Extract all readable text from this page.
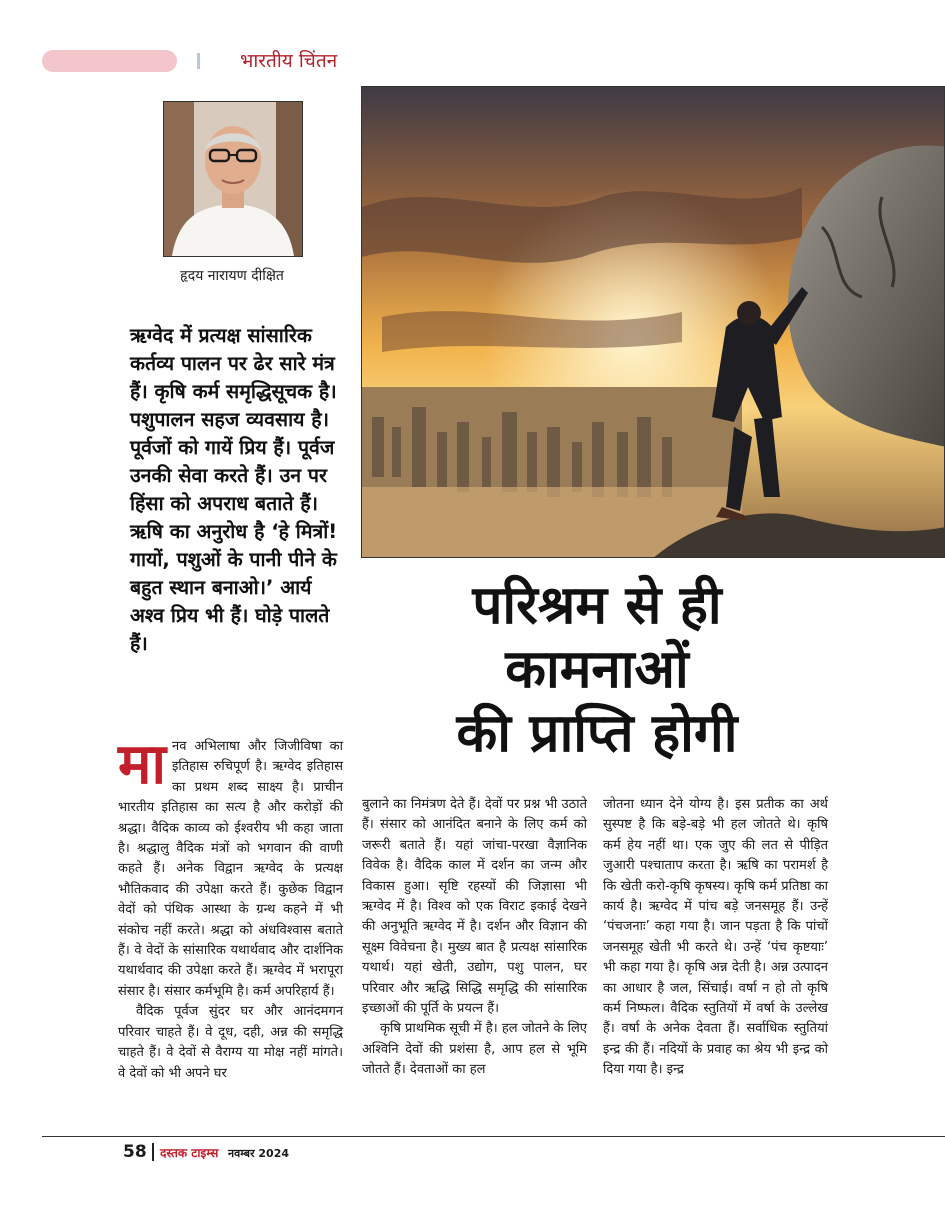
भारतीय चिंतन
हृदय नारायण दीक्षित

ऋग्वेद में प्रत्यक्ष सांसारिक कर्तव्य पालन पर ढेर सारे मंत्र हैं। कृषि कर्म समृद्धिसूचक है। पशुपालन सहज व्यवसाय है। पूर्वजों को गायें प्रिय हैं। पूर्वज उनकी सेवा करते हैं। उन पर हिंसा को अपराध बताते हैं। ऋषि का अनुरोध है ‘हे मित्रों! गायों, पशुओं के पानी पीने के बहुत स्थान बनाओ।’ आर्य अश्व प्रिय भी हैं। घोड़े पालते हैं।

परिश्रम से ही
कामनाओं
की प्राप्ति होगी

मानव अभिलाषा और जिजीविषा का इतिहास रुचिपूर्ण है। ऋग्वेद इतिहास का प्रथम शब्द साक्ष्य है। प्राचीन भारतीय इतिहास का सत्य है और करोड़ों की श्रद्धा। वैदिक काव्य को ईश्वरीय भी कहा जाता है। श्रद्धालु वैदिक मंत्रों को भगवान की वाणी कहते हैं। अनेक विद्वान ऋग्वेद के प्रत्यक्ष भौतिकवाद की उपेक्षा करते हैं। कुछेक विद्वान वेदों को पंथिक आस्था के ग्रन्थ कहने में भी संकोच नहीं करते। श्रद्धा को अंधविश्वास बताते हैं। वे वेदों के सांसारिक यथार्थवाद और दार्शनिक यथार्थवाद की उपेक्षा करते हैं। ऋग्वेद में भरापूरा संसार है। संसार कर्मभूमि है। कर्म अपरिहार्य हैं।

वैदिक पूर्वज सुंदर घर और आनंदमगन परिवार चाहते हैं। वे दूध, दही, अन्न की समृद्धि चाहते हैं। वे देवों से वैराग्य या मोक्ष नहीं मांगते। वे देवों को भी अपने घर

बुलाने का निमंत्रण देते हैं। देवों पर प्रश्न भी उठाते हैं। संसार को आनंदित बनाने के लिए कर्म को जरूरी बताते हैं। यहां जांचा-परखा वैज्ञानिक विवेक है। वैदिक काल में दर्शन का जन्म और विकास हुआ। सृष्टि रहस्यों की जिज्ञासा भी ऋग्वेद में है। विश्व को एक विराट इकाई देखने की अनुभूति ऋग्वेद में है। दर्शन और विज्ञान की सूक्ष्म विवेचना है। मुख्य बात है प्रत्यक्ष सांसारिक यथार्थ। यहां खेती, उद्योग, पशु पालन, घर परिवार और ऋद्धि सिद्धि समृद्धि की सांसारिक इच्छाओं की पूर्ति के प्रयत्न हैं।

कृषि प्राथमिक सूची में है। हल जोतने के लिए अश्विनि देवों की प्रशंसा है, आप हल से भूमि जोतते हैं। देवताओं का हल

जोतना ध्यान देने योग्य है। इस प्रतीक का अर्थ सुस्पष्ट है कि बड़े-बड़े भी हल जोतते थे। कृषि कर्म हेय नहीं था। एक जुए की लत से पीड़ित जुआरी पश्चाताप करता है। ऋषि का परामर्श है कि खेती करो-कृषि कृषस्य। कृषि कर्म प्रतिष्ठा का कार्य है। ऋग्वेद में पांच बड़े जनसमूह हैं। उन्हें ‘पंचजनाः’ कहा गया है। जान पड़ता है कि पांचों जनसमूह खेती भी करते थे। उन्हें ‘पंच कृष्टयाः’ भी कहा गया है। कृषि अन्न देती है। अन्न उत्पादन का आधार है जल, सिंचाई। वर्षा न हो तो कृषि कर्म निष्फल। वैदिक स्तुतियों में वर्षा के उल्लेख हैं। वर्षा के अनेक देवता हैं। सर्वाधिक स्तुतियां इन्द्र की हैं। नदियों के प्रवाह का श्रेय भी इन्द्र को दिया गया है। इन्द्र

58 दस्तक टाइम्स नवम्बर 2024
